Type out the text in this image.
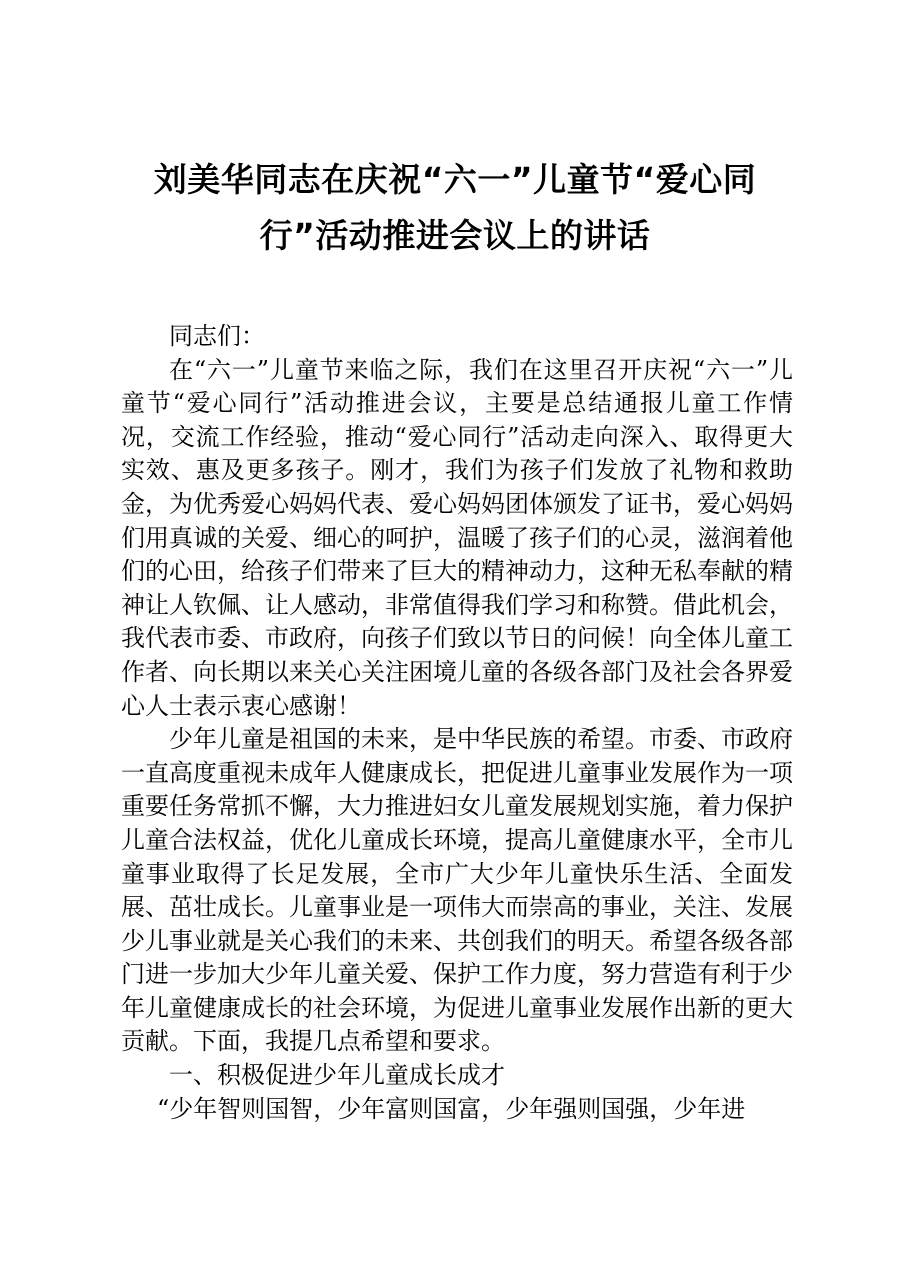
刘美华同志在庆祝“六一”儿童节“爱心同
行”活动推进会议上的讲话

同志们：

在“六一”儿童节来临之际，我们在这里召开庆祝“六一”儿童节“爱心同行”活动推进会议，主要是总结通报儿童工作情况，交流工作经验，推动“爱心同行”活动走向深入、取得更大实效、惠及更多孩子。刚才，我们为孩子们发放了礼物和救助金，为优秀爱心妈妈代表、爱心妈妈团体颁发了证书，爱心妈妈们用真诚的关爱、细心的呵护，温暖了孩子们的心灵，滋润着他们的心田，给孩子们带来了巨大的精神动力，这种无私奉献的精神让人钦佩、让人感动，非常值得我们学习和称赞。借此机会，我代表市委、市政府，向孩子们致以节日的问候！向全体儿童工作者、向长期以来关心关注困境儿童的各级各部门及社会各界爱心人士表示衷心感谢！

少年儿童是祖国的未来，是中华民族的希望。市委、市政府一直高度重视未成年人健康成长，把促进儿童事业发展作为一项重要任务常抓不懈，大力推进妇女儿童发展规划实施，着力保护儿童合法权益，优化儿童成长环境，提高儿童健康水平，全市儿童事业取得了长足发展，全市广大少年儿童快乐生活、全面发展、茁壮成长。儿童事业是一项伟大而崇高的事业，关注、发展少儿事业就是关心我们的未来、共创我们的明天。希望各级各部门进一步加大少年儿童关爱、保护工作力度，努力营造有利于少年儿童健康成长的社会环境，为促进儿童事业发展作出新的更大贡献。下面，我提几点希望和要求。

一、积极促进少年儿童成长成才

“少年智则国智，少年富则国富，少年强则国强，少年进
